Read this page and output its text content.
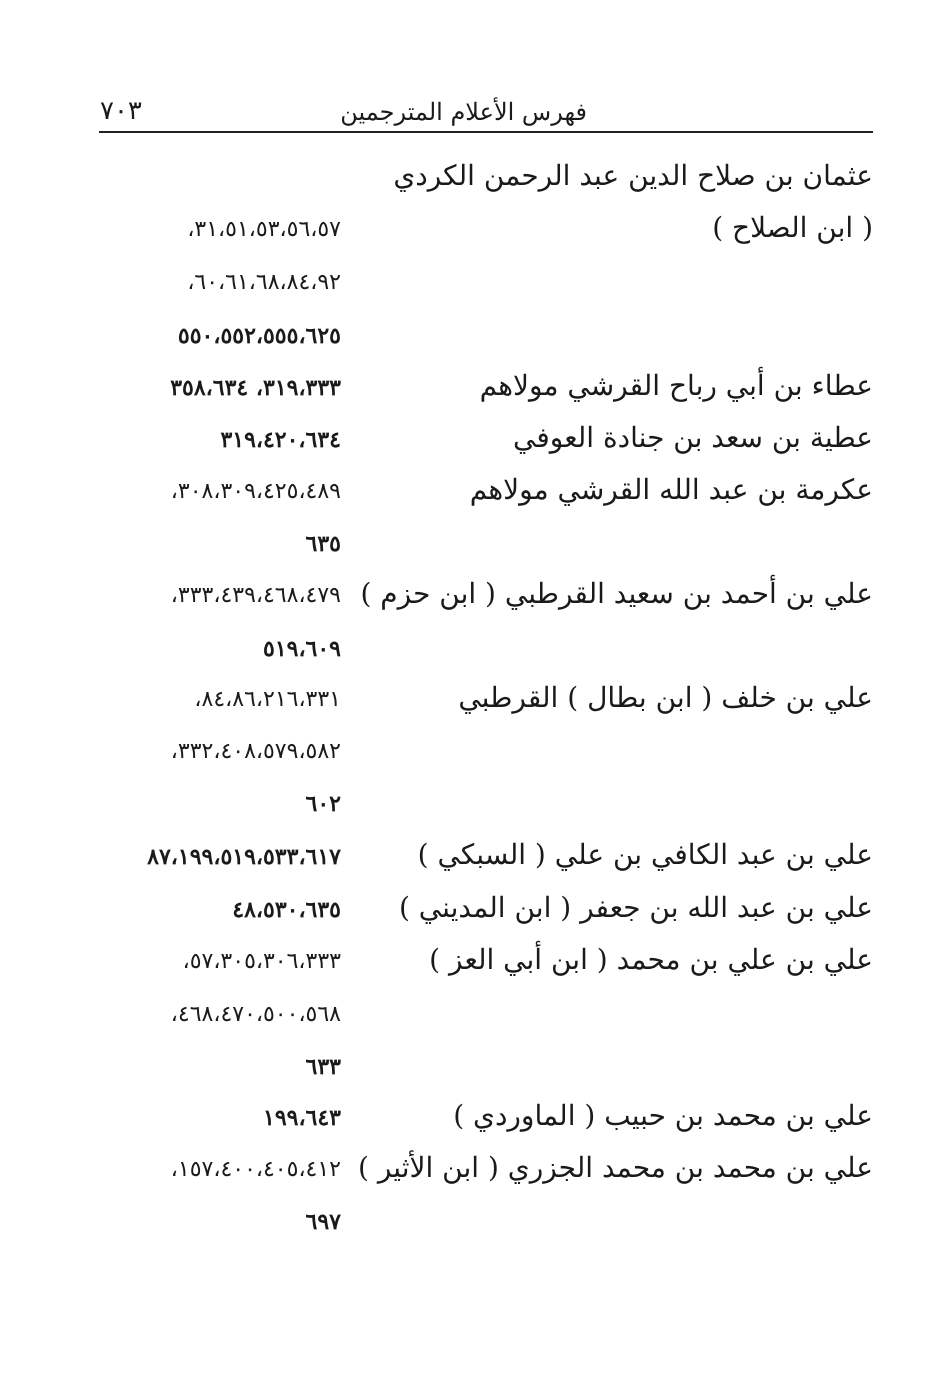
فهرس الأعلام المترجمين
٧٠٣
عثمان بن صلاح الدين عبد الرحمن الكردي
( ابن الصلاح )
٣١،٥١،٥٣،٥٦،٥٧،
٦٠،٦١،٦٨،٨٤،٩٢،
٥٥٠،٥٥٢،٥٥٥،٦٢٥
عطاء بن أبي رباح القرشي مولاهم
٣١٩،٣٣٣، ٣٥٨،٦٣٤
عطية بن سعد بن جنادة العوفي
٣١٩،٤٢٠،٦٣٤
عكرمة بن عبد الله القرشي مولاهم
٣٠٨،٣٠٩،٤٢٥،٤٨٩،
٦٣٥
علي بن أحمد بن سعيد القرطبي ( ابن حزم )
٣٣٣،٤٣٩،٤٦٨،٤٧٩،
٥١٩،٦٠٩
علي بن خلف ( ابن بطال ) القرطبي
٨٤،٨٦،٢١٦،٣٣١،
٣٣٢،٤٠٨،٥٧٩،٥٨٢،
٦٠٢
علي بن عبد الكافي بن علي ( السبكي )
٨٧،١٩٩،٥١٩،٥٣٣،٦١٧
علي بن عبد الله بن جعفر ( ابن المديني )
٤٨،٥٣٠،٦٣٥
علي بن علي بن محمد ( ابن أبي العز )
٥٧،٣٠٥،٣٠٦،٣٣٣،
٤٦٨،٤٧٠،٥٠٠،٥٦٨،
٦٣٣
علي بن محمد بن حبيب ( الماوردي )
١٩٩،٦٤٣
علي بن محمد بن محمد الجزري ( ابن الأثير )
١٥٧،٤٠٠،٤٠٥،٤١٢،
٦٩٧
